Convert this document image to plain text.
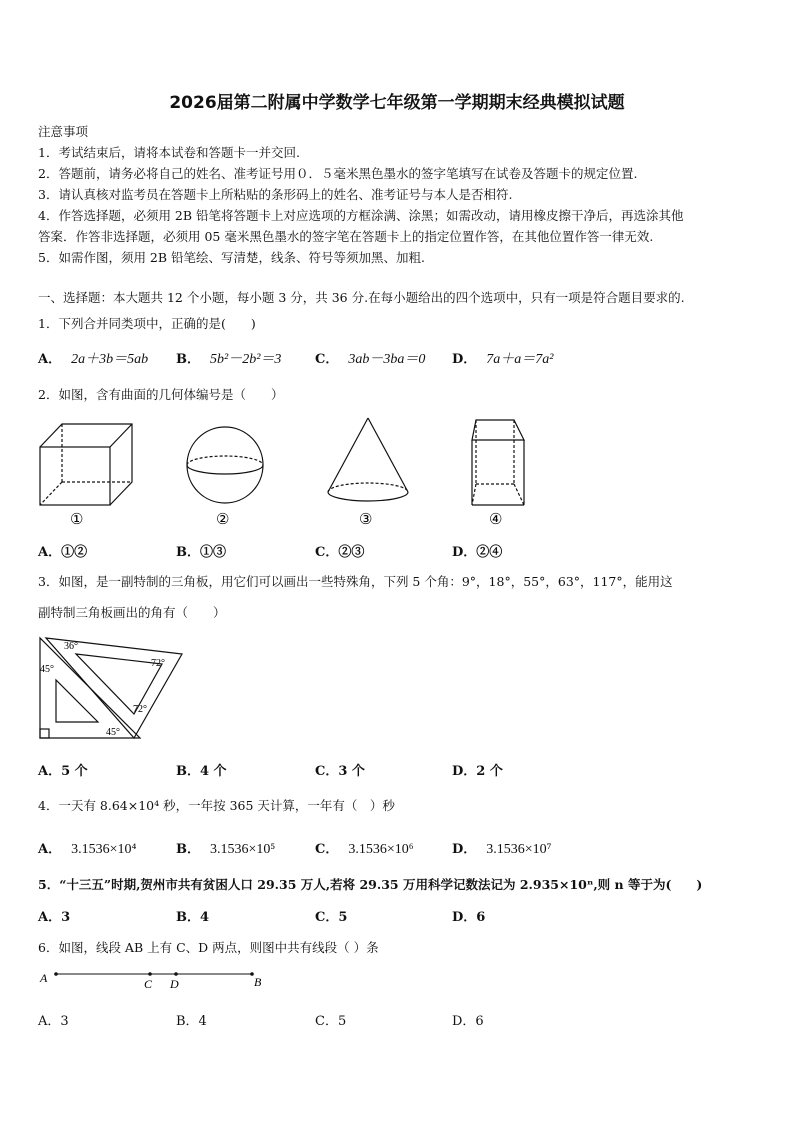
2026届第二附属中学数学七年级第一学期期末经典模拟试题
注意事项
1．考试结束后，请将本试卷和答题卡一并交回.
2．答题前，请务必将自己的姓名、准考证号用０．５毫米黑色墨水的签字笔填写在试卷及答题卡的规定位置.
3．请认真核对监考员在答题卡上所粘贴的条形码上的姓名、准考证号与本人是否相符.
4．作答选择题，必须用 2B 铅笔将答题卡上对应选项的方框涂满、涂黑；如需改动，请用橡皮擦干净后，再选涂其他
答案．作答非选择题，必须用 05 毫米黑色墨水的签字笔在答题卡上的指定位置作答，在其他位置作答一律无效.
5．如需作图，须用 2B 铅笔绘、写清楚，线条、符号等须加黑、加粗.
一、选择题：本大题共 12 个小题，每小题 3 分，共 36 分.在每小题给出的四个选项中，只有一项是符合题目要求的.
1．下列合并同类项中，正确的是(　　)
A． 2a＋3b＝5ab B． 5b²－2b²＝3	C． 3ab－3ba＝0 D． 7a＋a＝7a²
2．如图，含有曲面的几何体编号是（　　）
①	②	③	④
A．①②	B．①③	C．②③	D．②④
3．如图，是一副特制的三角板，用它们可以画出一些特殊角，下列 5 个角：9°，18°，55°，63°，117°，能用这
副特制三角板画出的角有（　　）
36°
45°
72°
72°
45°
A．5 个	B．4 个	C．3 个	D．2 个
4．一天有 8.64×10⁴ 秒，一年按 365 天计算，一年有（　）秒
A． 3.1536×10⁴	B． 3.1536×10⁵	C． 3.1536×10⁶	D． 3.1536×10⁷
5．“十三五”时期,贺州市共有贫困人口 29.35 万人,若将 29.35 万用科学记数法记为 2.935×10ⁿ,则 n 等于为(　　)
A．3	B．4	C．5	D．6
6．如图，线段 AB 上有 C、D 两点，则图中共有线段（ ）条
A	C D	B
A．3	B．4	C．5	D．6
